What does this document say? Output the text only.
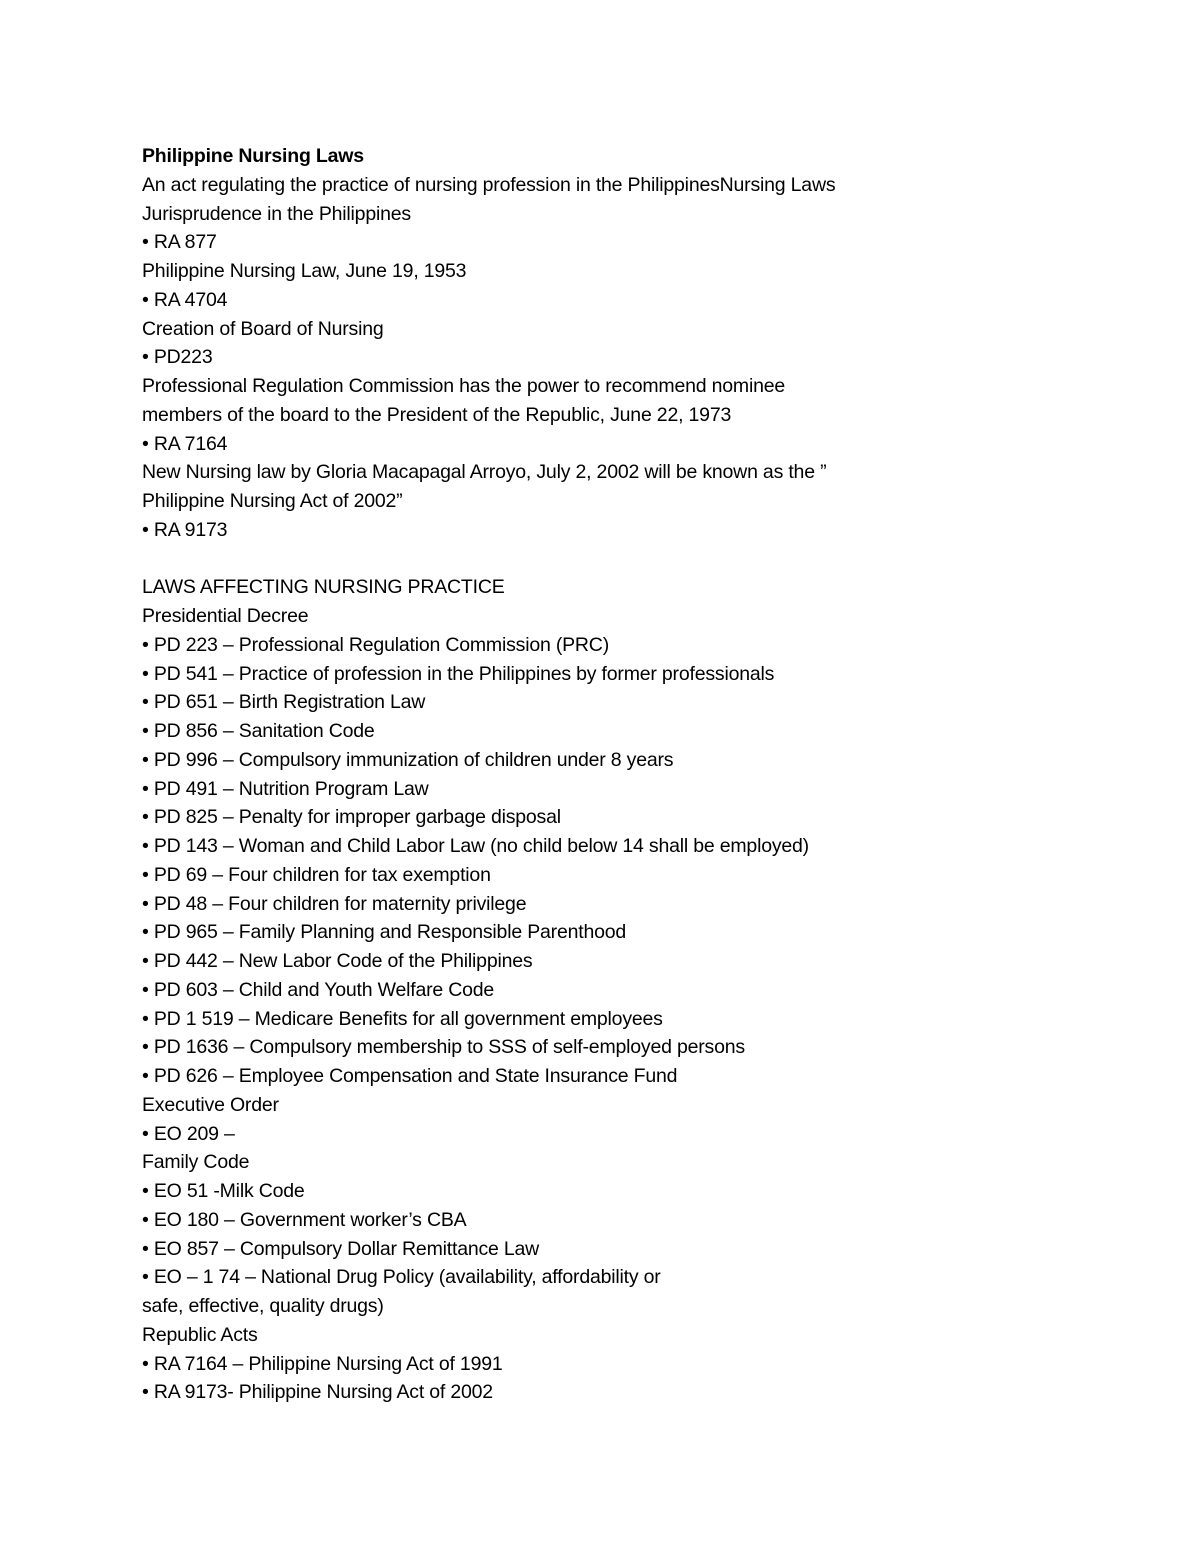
Philippine Nursing Laws
An act regulating the practice of nursing profession in the PhilippinesNursing Laws
Jurisprudence in the Philippines
• RA 877
Philippine Nursing Law, June 19, 1953
• RA 4704
Creation of Board of Nursing
• PD223
Professional Regulation Commission has the power to recommend nominee
members of the board to the President of the Republic, June 22, 1973
• RA 7164
New Nursing law by Gloria Macapagal Arroyo, July 2, 2002 will be known as the ”
Philippine Nursing Act of 2002”
• RA 9173
LAWS AFFECTING NURSING PRACTICE
Presidential Decree
• PD 223 – Professional Regulation Commission (PRC)
• PD 541 – Practice of profession in the Philippines by former professionals
• PD 651 – Birth Registration Law
• PD 856 – Sanitation Code
• PD 996 – Compulsory immunization of children under 8 years
• PD 491 – Nutrition Program Law
• PD 825 – Penalty for improper garbage disposal
• PD 143 – Woman and Child Labor Law (no child below 14 shall be employed)
• PD 69 – Four children for tax exemption
• PD 48 – Four children for maternity privilege
• PD 965 – Family Planning and Responsible Parenthood
• PD 442 – New Labor Code of the Philippines
• PD 603 – Child and Youth Welfare Code
• PD 1 519 – Medicare Benefits for all government employees
• PD 1636 – Compulsory membership to SSS of self-employed persons
• PD 626 – Employee Compensation and State Insurance Fund
Executive Order
• EO 209 –
Family Code
• EO 51 -Milk Code
• EO 180 – Government worker’s CBA
• EO 857 – Compulsory Dollar Remittance Law
• EO – 1 74 – National Drug Policy (availability, affordability or
safe, effective, quality drugs)
Republic Acts
• RA 7164 – Philippine Nursing Act of 1991
• RA 9173- Philippine Nursing Act of 2002
